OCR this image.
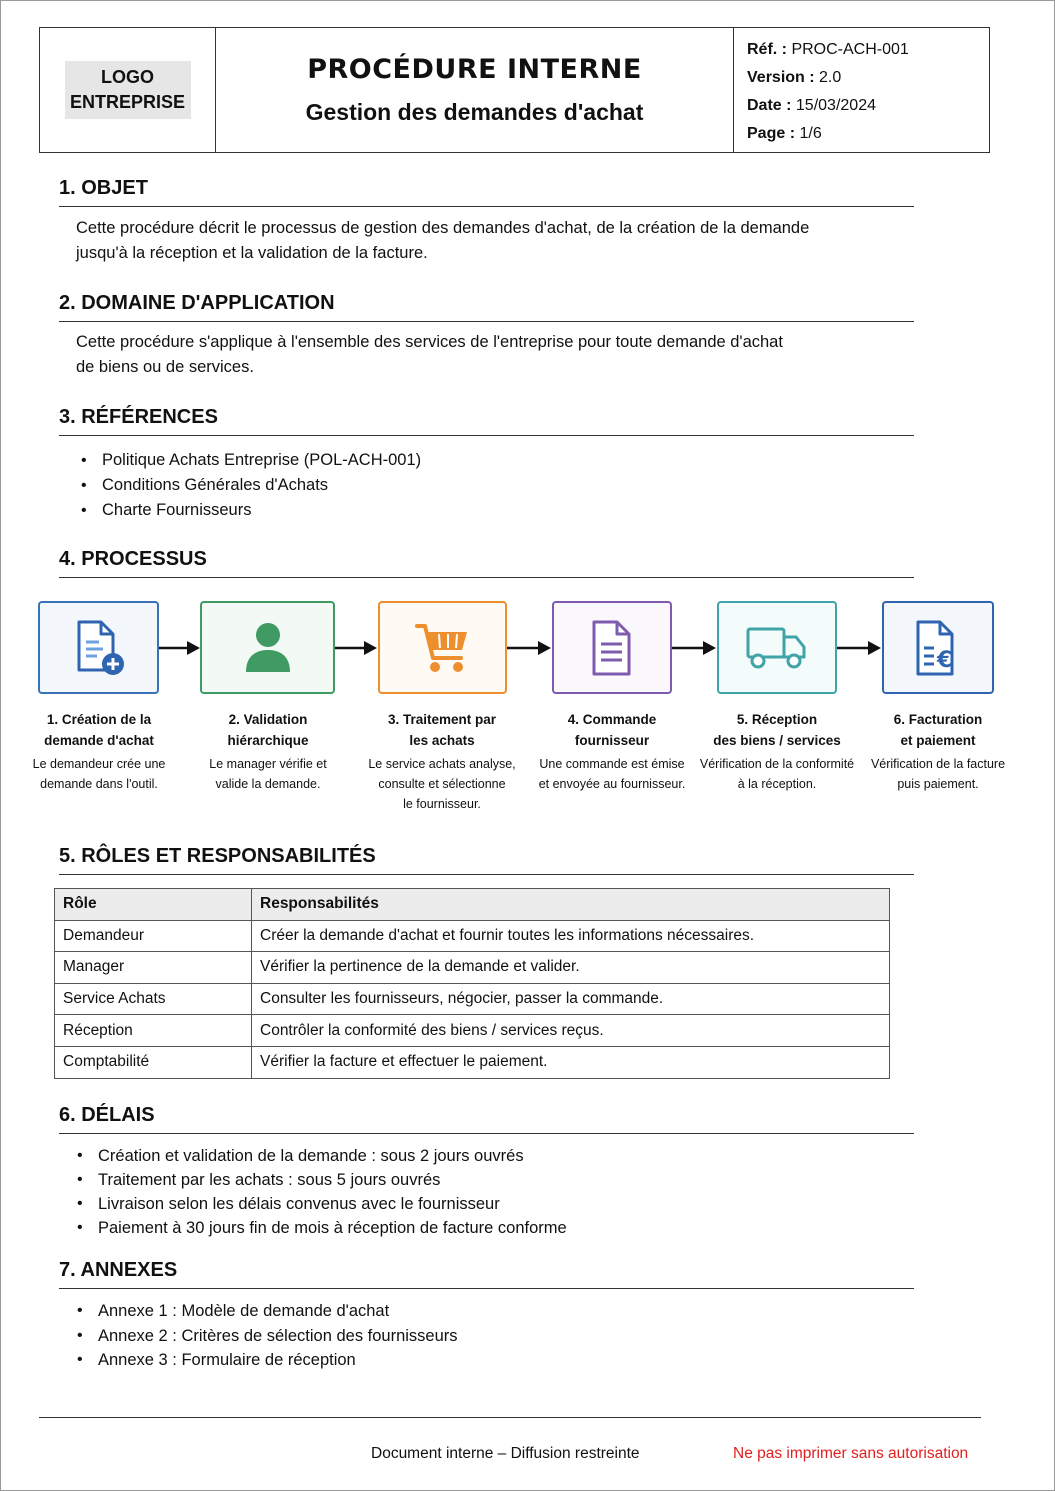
LOGO
ENTREPRISE
PROCÉDURE INTERNE
Gestion des demandes d'achat
Réf. : PROC-ACH-001
Version : 2.0
Date : 15/03/2024
Page : 1/6
1. OBJET
Cette procédure décrit le processus de gestion des demandes d'achat, de la création de la demande
jusqu'à la réception et la validation de la facture.
2. DOMAINE D'APPLICATION
Cette procédure s'applique à l'ensemble des services de l'entreprise pour toute demande d'achat
de biens ou de services.
3. RÉFÉRENCES
• Politique Achats Entreprise (POL-ACH-001)
• Conditions Générales d'Achats
• Charte Fournisseurs
4. PROCESSUS
€
1. Création de la
demande d'achat
2. Validation
hiérarchique
3. Traitement par
les achats
4. Commande
fournisseur
5. Réception
des biens / services
6. Facturation
et paiement
Le demandeur crée une
demande dans l'outil.
Le manager vérifie et
valide la demande.
Le service achats analyse,
consulte et sélectionne
le fournisseur.
Une commande est émise
et envoyée au fournisseur.
Vérification de la conformité
à la réception.
Vérification de la facture
puis paiement.
5. RÔLES ET RESPONSABILITÉS
Rôle	Responsabilités
Demandeur	Créer la demande d'achat et fournir toutes les informations nécessaires.
Manager	Vérifier la pertinence de la demande et valider.
Service Achats	Consulter les fournisseurs, négocier, passer la commande.
Réception	Contrôler la conformité des biens / services reçus.
Comptabilité	Vérifier la facture et effectuer le paiement.
6. DÉLAIS
• Création et validation de la demande : sous 2 jours ouvrés
• Traitement par les achats : sous 5 jours ouvrés
• Livraison selon les délais convenus avec le fournisseur
• Paiement à 30 jours fin de mois à réception de facture conforme
7. ANNEXES
• Annexe 1 : Modèle de demande d'achat
• Annexe 2 : Critères de sélection des fournisseurs
• Annexe 3 : Formulaire de réception
Document interne – Diffusion restreinte	Ne pas imprimer sans autorisation
